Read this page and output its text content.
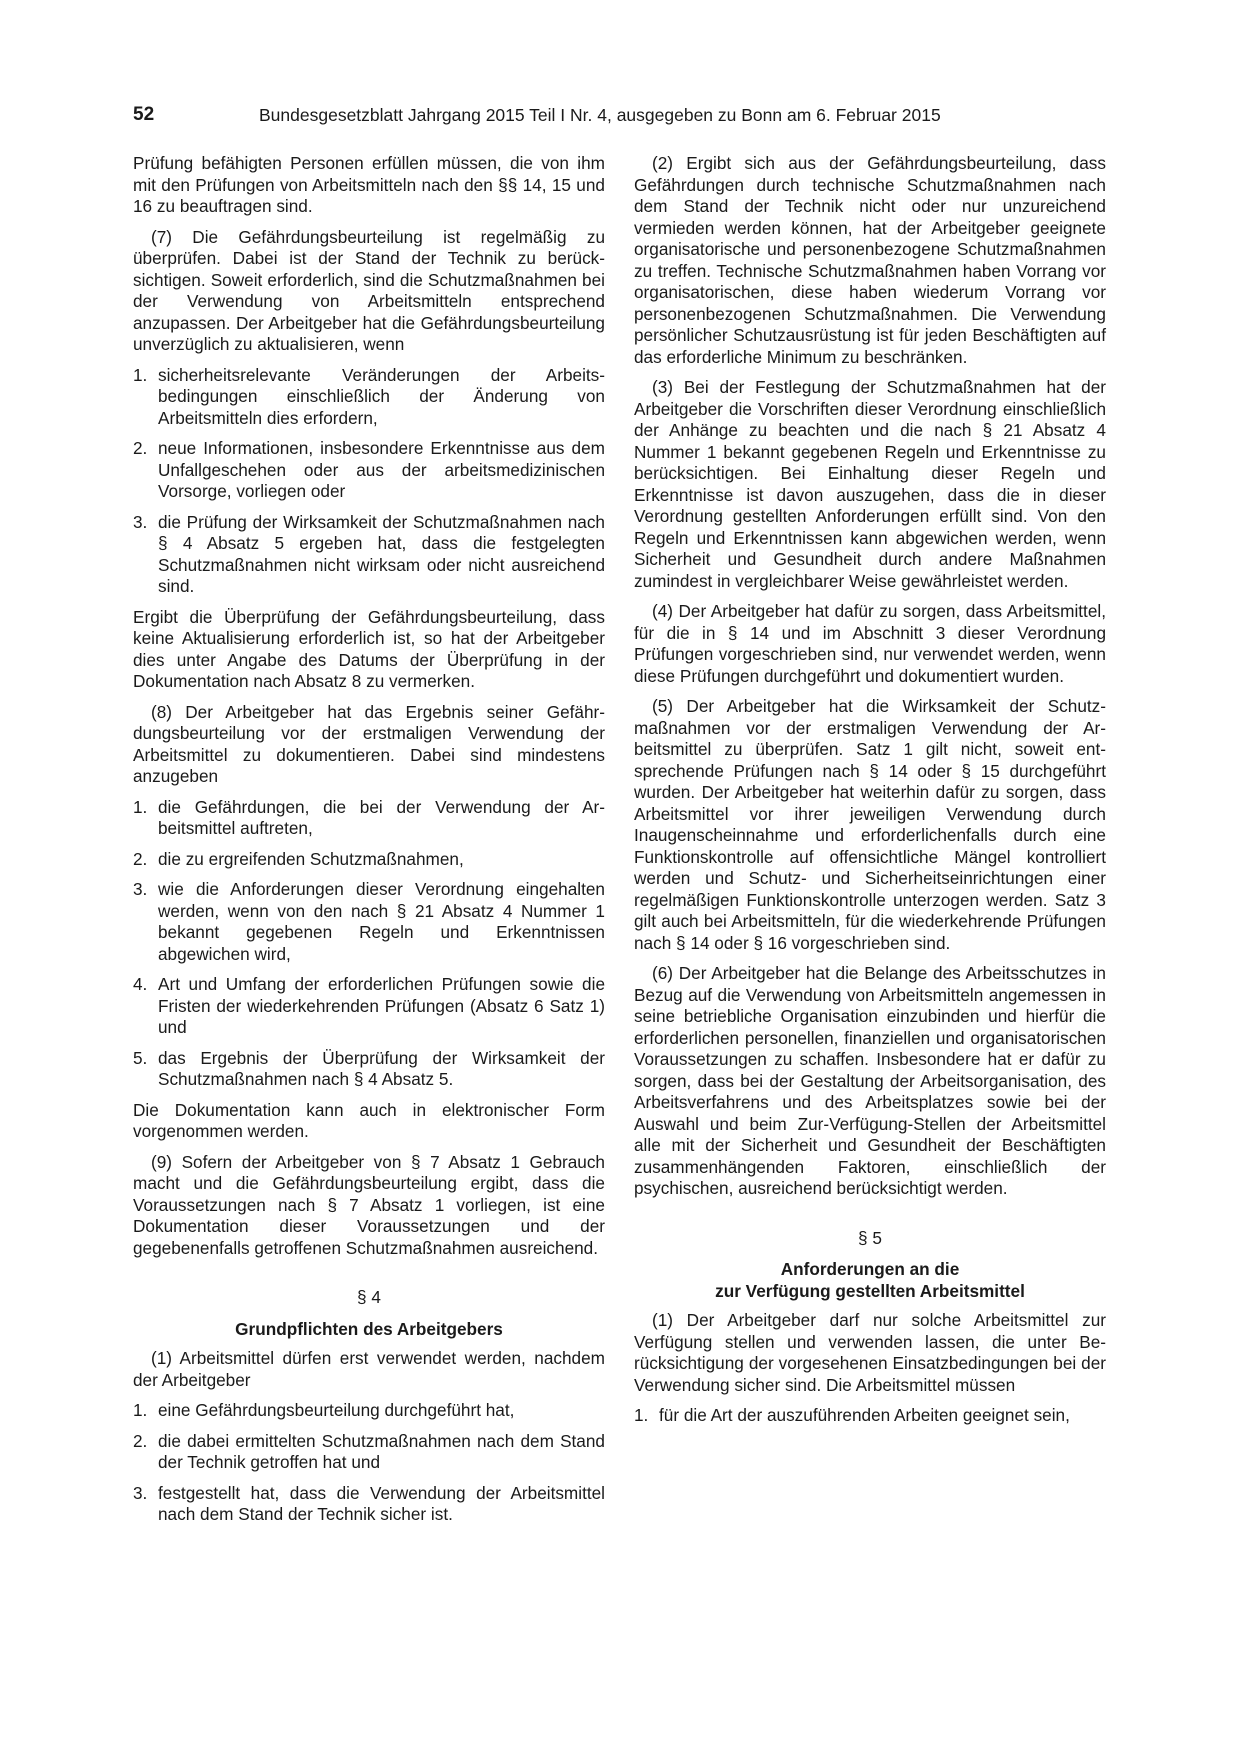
52	Bundesgesetzblatt Jahrgang 2015 Teil I Nr. 4, ausgegeben zu Bonn am 6. Februar 2015

Prüfung befähigten Personen erfüllen müssen, die von ihm mit den Prüfungen von Arbeitsmitteln nach den §§ 14, 15 und 16 zu beauftragen sind.

(7) Die Gefährdungsbeurteilung ist regelmäßig zu überprüfen. Dabei ist der Stand der Technik zu berücksichtigen. Soweit erforderlich, sind die Schutzmaßnahmen bei der Verwendung von Arbeitsmitteln entsprechend anzupassen. Der Arbeitgeber hat die Gefährdungsbeurteilung unverzüglich zu aktualisieren, wenn

1. sicherheitsrelevante Veränderungen der Arbeitsbedingungen einschließlich der Änderung von Arbeitsmitteln dies erfordern,
2. neue Informationen, insbesondere Erkenntnisse aus dem Unfallgeschehen oder aus der arbeitsmedizinischen Vorsorge, vorliegen oder
3. die Prüfung der Wirksamkeit der Schutzmaßnahmen nach § 4 Absatz 5 ergeben hat, dass die festgelegten Schutzmaßnahmen nicht wirksam oder nicht ausreichend sind.

Ergibt die Überprüfung der Gefährdungsbeurteilung, dass keine Aktualisierung erforderlich ist, so hat der Arbeitgeber dies unter Angabe des Datums der Überprüfung in der Dokumentation nach Absatz 8 zu vermerken.

(8) Der Arbeitgeber hat das Ergebnis seiner Gefährdungsbeurteilung vor der erstmaligen Verwendung der Arbeitsmittel zu dokumentieren. Dabei sind mindestens anzugeben

1. die Gefährdungen, die bei der Verwendung der Arbeitsmittel auftreten,
2. die zu ergreifenden Schutzmaßnahmen,
3. wie die Anforderungen dieser Verordnung eingehalten werden, wenn von den nach § 21 Absatz 4 Nummer 1 bekannt gegebenen Regeln und Erkenntnissen abgewichen wird,
4. Art und Umfang der erforderlichen Prüfungen sowie die Fristen der wiederkehrenden Prüfungen (Absatz 6 Satz 1) und
5. das Ergebnis der Überprüfung der Wirksamkeit der Schutzmaßnahmen nach § 4 Absatz 5.

Die Dokumentation kann auch in elektronischer Form vorgenommen werden.

(9) Sofern der Arbeitgeber von § 7 Absatz 1 Gebrauch macht und die Gefährdungsbeurteilung ergibt, dass die Voraussetzungen nach § 7 Absatz 1 vorliegen, ist eine Dokumentation dieser Voraussetzungen und der gegebenenfalls getroffenen Schutzmaßnahmen ausreichend.

§ 4
Grundpflichten des Arbeitgebers

(1) Arbeitsmittel dürfen erst verwendet werden, nachdem der Arbeitgeber

1. eine Gefährdungsbeurteilung durchgeführt hat,
2. die dabei ermittelten Schutzmaßnahmen nach dem Stand der Technik getroffen hat und
3. festgestellt hat, dass die Verwendung der Arbeitsmittel nach dem Stand der Technik sicher ist.

(2) Ergibt sich aus der Gefährdungsbeurteilung, dass Gefährdungen durch technische Schutzmaßnahmen nach dem Stand der Technik nicht oder nur unzureichend vermieden werden können, hat der Arbeitgeber geeignete organisatorische und personenbezogene Schutzmaßnahmen zu treffen. Technische Schutzmaßnahmen haben Vorrang vor organisatorischen, diese haben wiederum Vorrang vor personenbezogenen Schutzmaßnahmen. Die Verwendung persönlicher Schutzausrüstung ist für jeden Beschäftigten auf das erforderliche Minimum zu beschränken.

(3) Bei der Festlegung der Schutzmaßnahmen hat der Arbeitgeber die Vorschriften dieser Verordnung einschließlich der Anhänge zu beachten und die nach § 21 Absatz 4 Nummer 1 bekannt gegebenen Regeln und Erkenntnisse zu berücksichtigen. Bei Einhaltung dieser Regeln und Erkenntnisse ist davon auszugehen, dass die in dieser Verordnung gestellten Anforderungen erfüllt sind. Von den Regeln und Erkenntnissen kann abgewichen werden, wenn Sicherheit und Gesundheit durch andere Maßnahmen zumindest in vergleichbarer Weise gewährleistet werden.

(4) Der Arbeitgeber hat dafür zu sorgen, dass Arbeitsmittel, für die in § 14 und im Abschnitt 3 dieser Verordnung Prüfungen vorgeschrieben sind, nur verwendet werden, wenn diese Prüfungen durchgeführt und dokumentiert wurden.

(5) Der Arbeitgeber hat die Wirksamkeit der Schutzmaßnahmen vor der erstmaligen Verwendung der Arbeitsmittel zu überprüfen. Satz 1 gilt nicht, soweit entsprechende Prüfungen nach § 14 oder § 15 durchgeführt wurden. Der Arbeitgeber hat weiterhin dafür zu sorgen, dass Arbeitsmittel vor ihrer jeweiligen Verwendung durch Inaugenscheinnahme und erforderlichenfalls durch eine Funktionskontrolle auf offensichtliche Mängel kontrolliert werden und Schutz- und Sicherheitseinrichtungen einer regelmäßigen Funktionskontrolle unterzogen werden. Satz 3 gilt auch bei Arbeitsmitteln, für die wiederkehrende Prüfungen nach § 14 oder § 16 vorgeschrieben sind.

(6) Der Arbeitgeber hat die Belange des Arbeitsschutzes in Bezug auf die Verwendung von Arbeitsmitteln angemessen in seine betriebliche Organisation einzubinden und hierfür die erforderlichen personellen, finanziellen und organisatorischen Voraussetzungen zu schaffen. Insbesondere hat er dafür zu sorgen, dass bei der Gestaltung der Arbeitsorganisation, des Arbeitsverfahrens und des Arbeitsplatzes sowie bei der Auswahl und beim Zur-Verfügung-Stellen der Arbeitsmittel alle mit der Sicherheit und Gesundheit der Beschäftigten zusammenhängenden Faktoren, einschließlich der psychischen, ausreichend berücksichtigt werden.

§ 5
Anforderungen an die
zur Verfügung gestellten Arbeitsmittel

(1) Der Arbeitgeber darf nur solche Arbeitsmittel zur Verfügung stellen und verwenden lassen, die unter Berücksichtigung der vorgesehenen Einsatzbedingungen bei der Verwendung sicher sind. Die Arbeitsmittel müssen

1. für die Art der auszuführenden Arbeiten geeignet sein,
